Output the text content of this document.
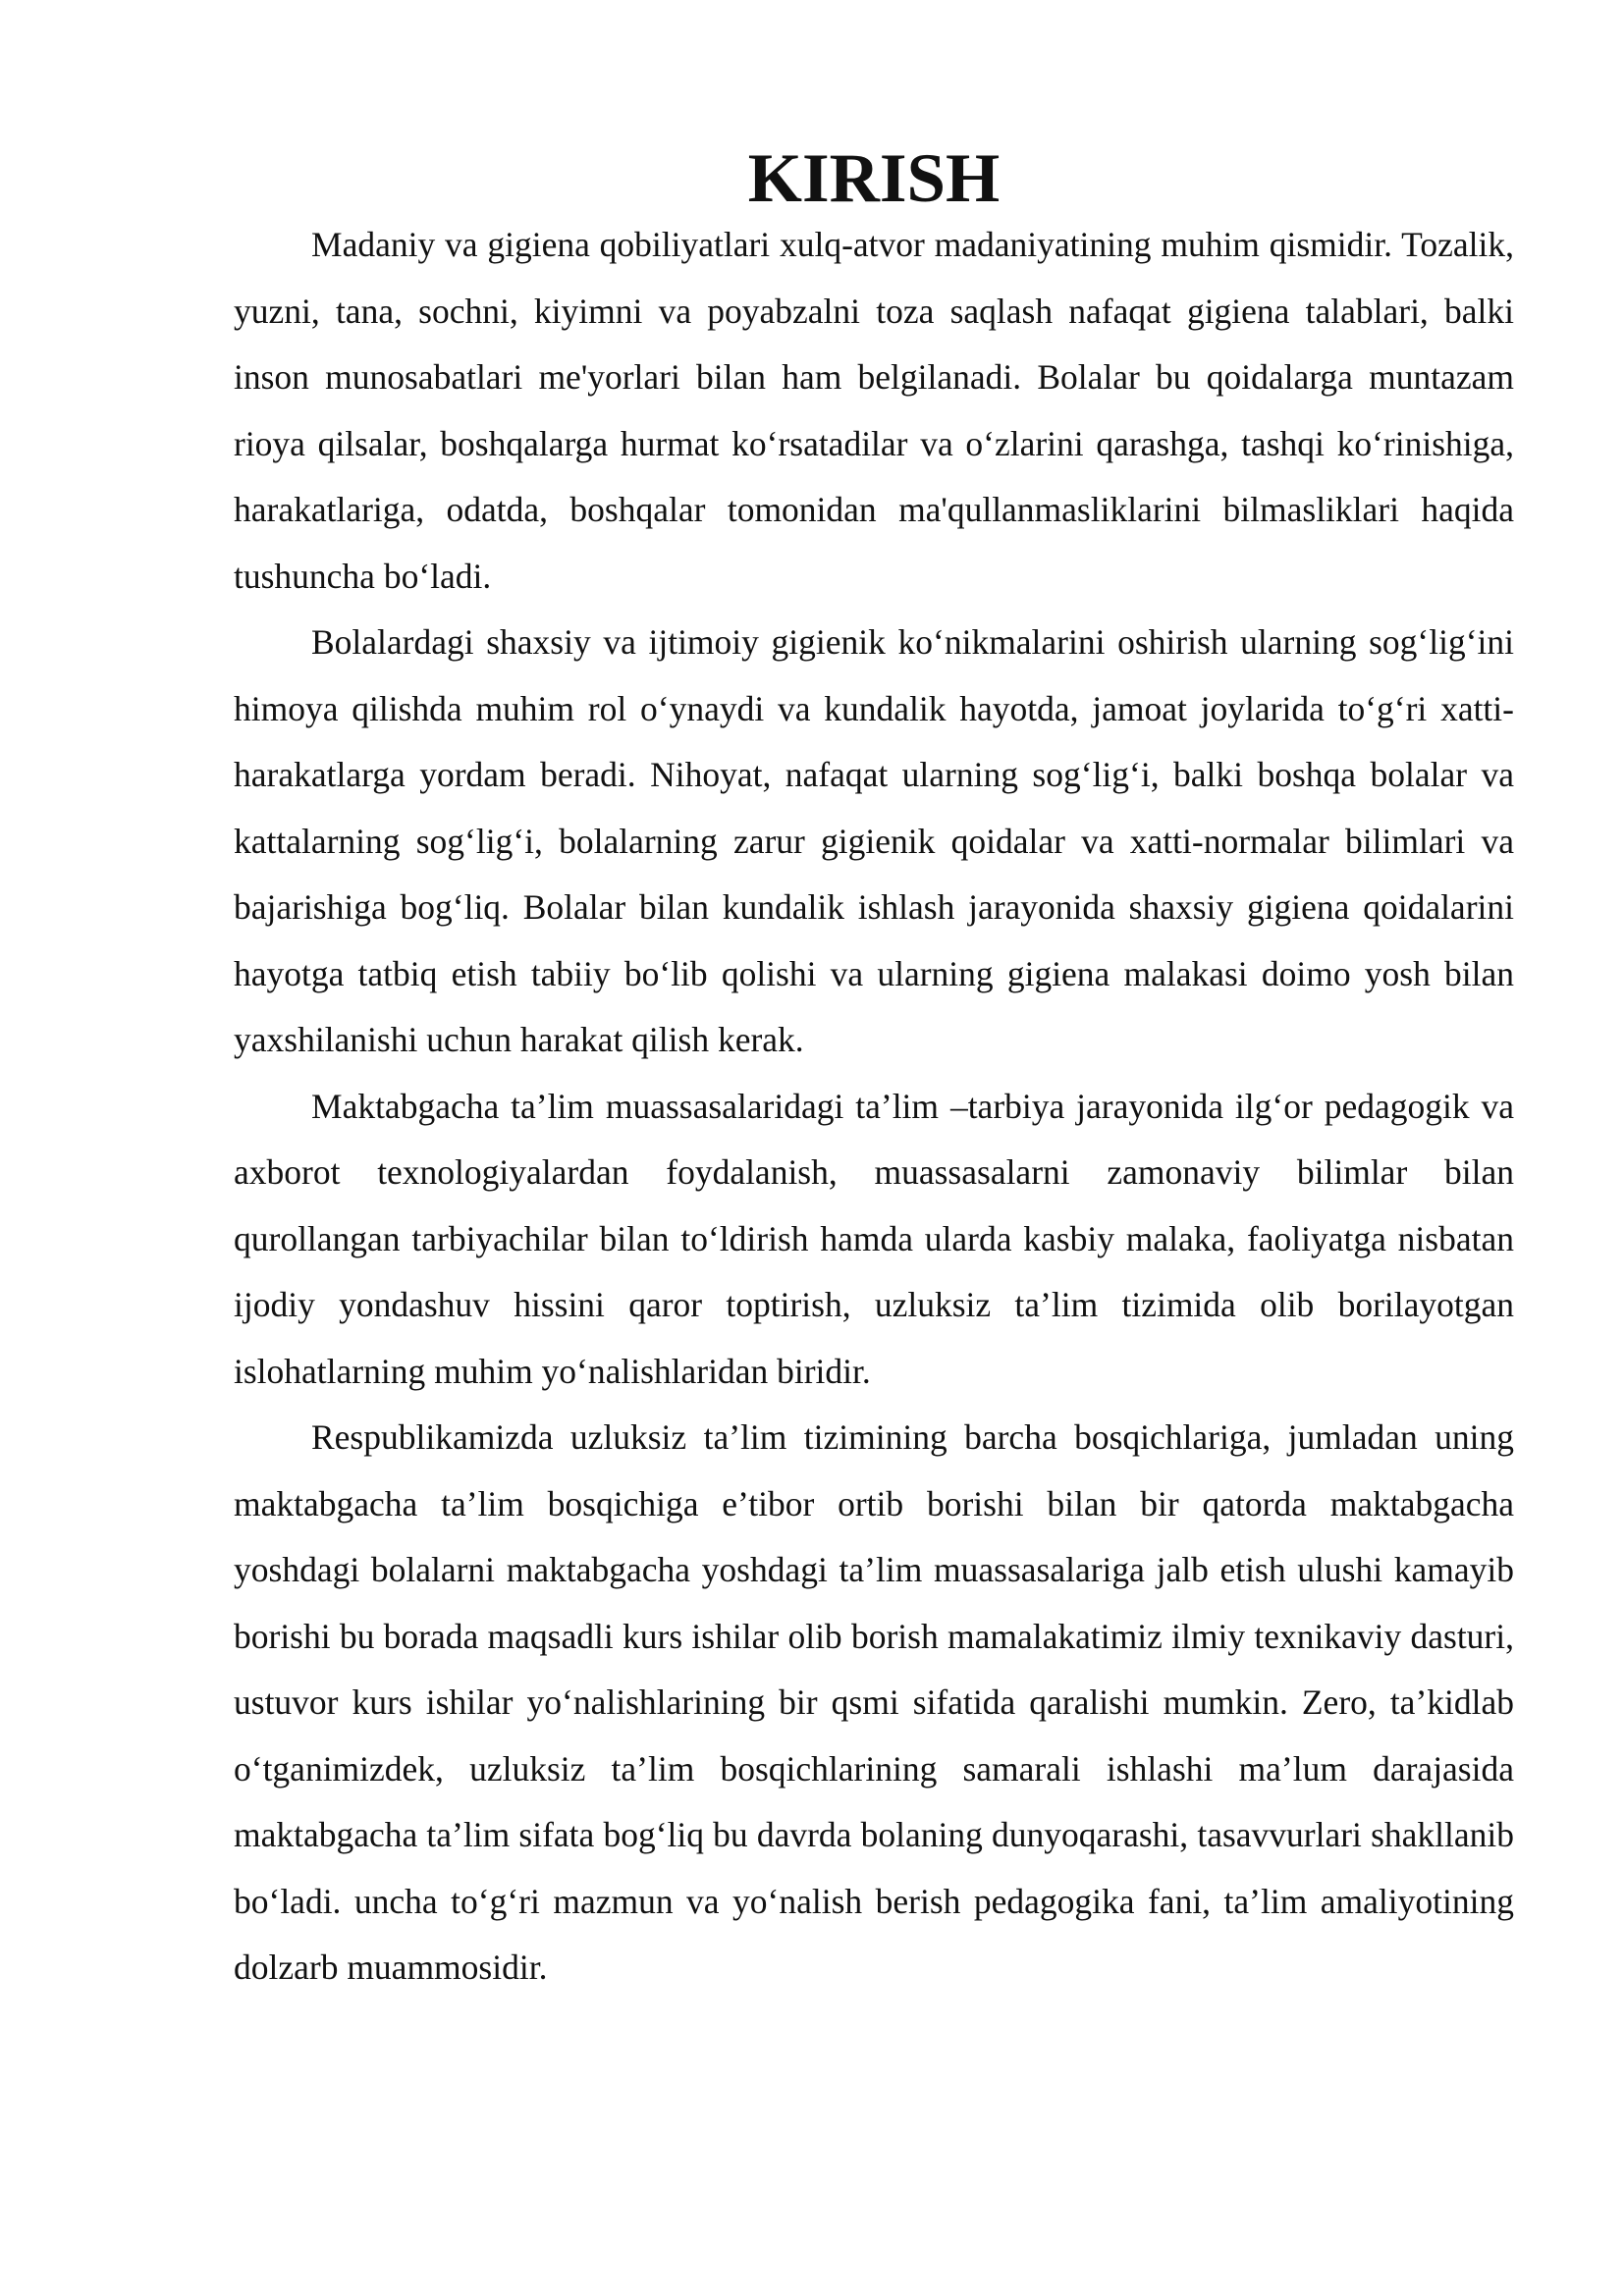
KIRISH

Madaniy va gigiena qobiliyatlari xulq-atvor madaniyatining muhim qismidir. Tozalik, yuzni, tana, sochni, kiyimni va poyabzalni toza saqlash nafaqat gigiena talablari, balki inson munosabatlari me'yorlari bilan ham belgilanadi. Bolalar bu qoidalarga muntazam rioya qilsalar, boshqalarga hurmat ko‘rsatadilar va o‘zlarini qarashga, tashqi ko‘rinishiga, harakatlariga, odatda, boshqalar tomonidan ma'qullanmasliklarini bilmasliklari haqida tushuncha bo‘ladi.

Bolalardagi shaxsiy va ijtimoiy gigienik ko‘nikmalarini oshirish ularning sog‘lig‘ini himoya qilishda muhim rol o‘ynaydi va kundalik hayotda, jamoat joylarida to‘g‘ri xatti-harakatlarga yordam beradi. Nihoyat, nafaqat ularning sog‘lig‘i, balki boshqa bolalar va kattalarning sog‘lig‘i, bolalarning zarur gigienik qoidalar va xatti-normalar bilimlari va bajarishiga bog‘liq. Bolalar bilan kundalik ishlash jarayonida shaxsiy gigiena qoidalarini hayotga tatbiq etish tabiiy bo‘lib qolishi va ularning gigiena malakasi doimo yosh bilan yaxshilanishi uchun harakat qilish kerak.

Maktabgacha ta’lim muassasalaridagi ta’lim –tarbiya jarayonida ilg‘or pedagogik va axborot texnologiyalardan foydalanish, muassasalarni zamonaviy bilimlar bilan qurollangan tarbiyachilar bilan to‘ldirish hamda ularda kasbiy malaka, faoliyatga nisbatan ijodiy yondashuv hissini qaror toptirish, uzluksiz ta’lim tizimida olib borilayotgan islohatlarning muhim yo‘nalishlaridan biridir.

Respublikamizda uzluksiz ta’lim tizimining barcha bosqichlariga, jumladan uning maktabgacha ta’lim bosqichiga e’tibor ortib borishi bilan bir qatorda maktabgacha yoshdagi bolalarni maktabgacha yoshdagi ta’lim muassasalariga jalb etish ulushi kamayib borishi bu borada maqsadli kurs ishilar olib borish mamalakatimiz ilmiy texnikaviy dasturi, ustuvor kurs ishilar yo‘nalishlarining bir qsmi sifatida qaralishi mumkin. Zero, ta’kidlab o‘tganimizdek, uzluksiz ta’lim bosqichlarining samarali ishlashi ma’lum darajasida maktabgacha ta’lim sifata bog‘liq bu davrda bolaning dunyoqarashi, tasavvurlari shakllanib bo‘ladi. uncha to‘g‘ri mazmun va yo‘nalish berish pedagogika fani, ta’lim amaliyotining dolzarb muammosidir.
